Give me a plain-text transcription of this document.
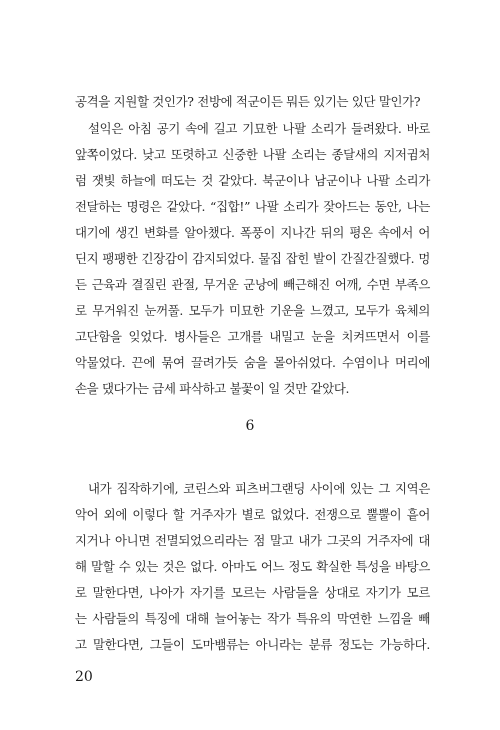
공격을 지원할 것인가? 전방에 적군이든 뭐든 있기는 있단 말인가?
설익은 아침 공기 속에 길고 기묘한 나팔 소리가 들려왔다. 바로
앞쪽이었다. 낮고 또렷하고 신중한 나팔 소리는 종달새의 지저귐처
럼 잿빛 하늘에 떠도는 것 같았다. 북군이나 남군이나 나팔 소리가
전달하는 명령은 같았다. “집합!” 나팔 소리가 잦아드는 동안, 나는
대기에 생긴 변화를 알아챘다. 폭풍이 지나간 뒤의 평온 속에서 어
딘지 팽팽한 긴장감이 감지되었다. 물집 잡힌 발이 간질간질했다. 멍
든 근육과 결질린 관절, 무거운 군낭에 빼근해진 어깨, 수면 부족으
로 무거워진 눈꺼풀. 모두가 미묘한 기운을 느꼈고, 모두가 육체의
고단함을 잊었다. 병사들은 고개를 내밀고 눈을 치켜뜨면서 이를
악물었다. 끈에 묶여 끌려가듯 숨을 몰아쉬었다. 수염이나 머리에
손을 댔다가는 금세 파삭하고 불꽃이 일 것만 같았다.
6
내가 짐작하기에, 코린스와 피츠버그랜딩 사이에 있는 그 지역은
악어 외에 이렇다 할 거주자가 별로 없었다. 전쟁으로 뿔뿔이 흩어
지거나 아니면 전멸되었으리라는 점 말고 내가 그곳의 거주자에 대
해 말할 수 있는 것은 없다. 아마도 어느 정도 확실한 특성을 바탕으
로 말한다면, 나아가 자기를 모르는 사람들을 상대로 자기가 모르
는 사람들의 특징에 대해 늘어놓는 작가 특유의 막연한 느낌을 빼
고 말한다면, 그들이 도마뱀류는 아니라는 분류 정도는 가능하다.
20
